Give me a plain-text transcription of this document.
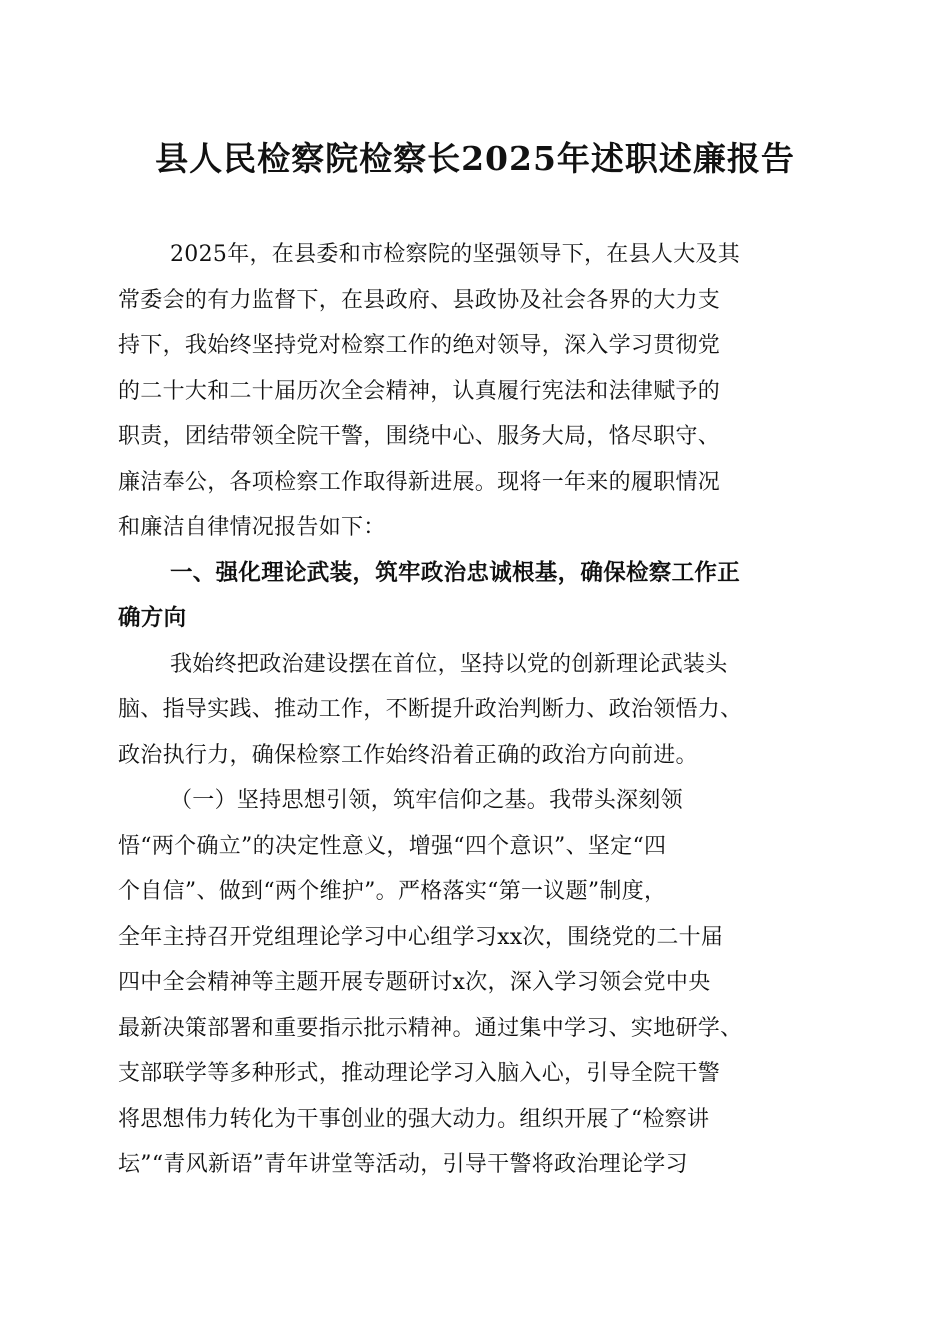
县人民检察院检察长2025年述职述廉报告
2025年，在县委和市检察院的坚强领导下，在县人大及其
常委会的有力监督下，在县政府、县政协及社会各界的大力支
持下，我始终坚持党对检察工作的绝对领导，深入学习贯彻党
的二十大和二十届历次全会精神，认真履行宪法和法律赋予的
职责，团结带领全院干警，围绕中心、服务大局，恪尽职守、
廉洁奉公，各项检察工作取得新进展。现将一年来的履职情况
和廉洁自律情况报告如下：
一、强化理论武装，筑牢政治忠诚根基，确保检察工作正
确方向
我始终把政治建设摆在首位，坚持以党的创新理论武装头
脑、指导实践、推动工作，不断提升政治判断力、政治领悟力、
政治执行力，确保检察工作始终沿着正确的政治方向前进。
（一）坚持思想引领，筑牢信仰之基。我带头深刻领
悟“两个确立”的决定性意义，增强“四个意识”、坚定“四
个自信”、做到“两个维护”。严格落实“第一议题”制度，
全年主持召开党组理论学习中心组学习xx次，围绕党的二十届
四中全会精神等主题开展专题研讨x次，深入学习领会党中央
最新决策部署和重要指示批示精神。通过集中学习、实地研学、
支部联学等多种形式，推动理论学习入脑入心，引导全院干警
将思想伟力转化为干事创业的强大动力。组织开展了“检察讲
坛”“青风新语”青年讲堂等活动，引导干警将政治理论学习
